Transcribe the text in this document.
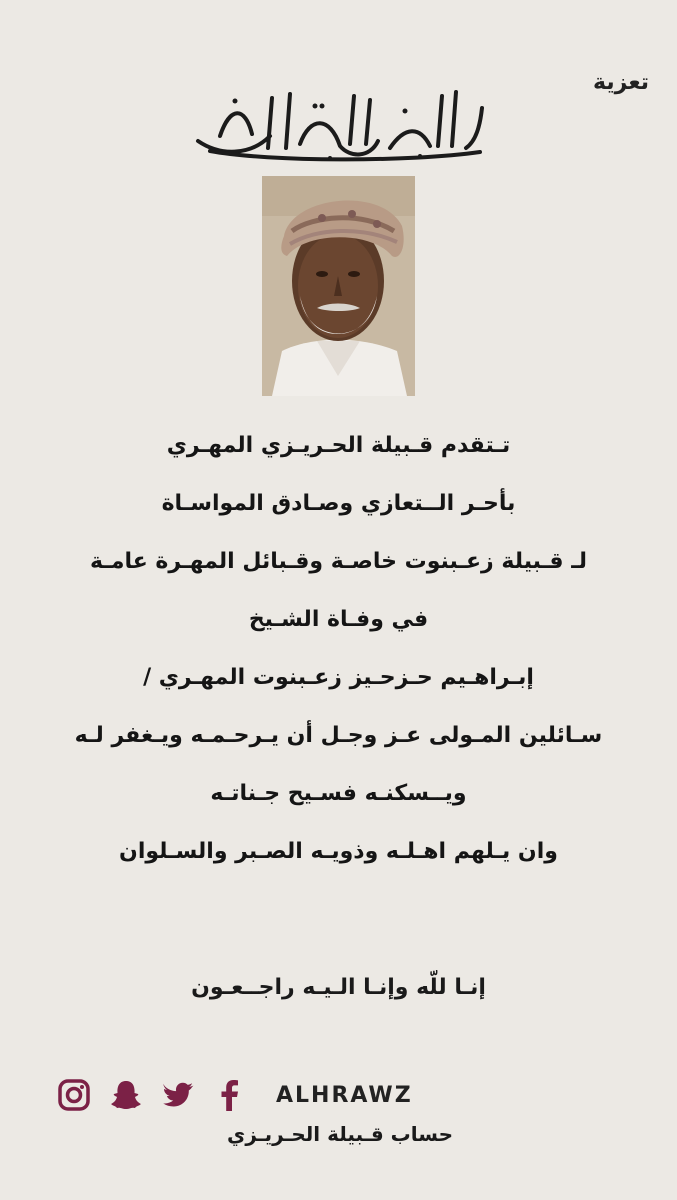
تعزية
تـتقدم قـبيلة الحـريـزي المهـري
بأحـر الــتعازي وصـادق المواسـاة
لـ قـبيلة زعـبنوت خاصـة وقـبائل المهـرة عامـة
في وفـاة الشـيخ
إبـراهـيم حـزحـيز زعـبنوت المهـري /
سـائلين المـولى عـز وجـل أن يـرحـمـه ويـغفر لـه
ويــسكنـه فسـيح جـناتـه
وان يـلهم اهـلـه وذويـه الصـبر والسـلوان
إنـا للّه وإنـا الـيـه راجــعـون
ALHRAWZ
حساب قـبيلة الحـريـزي
